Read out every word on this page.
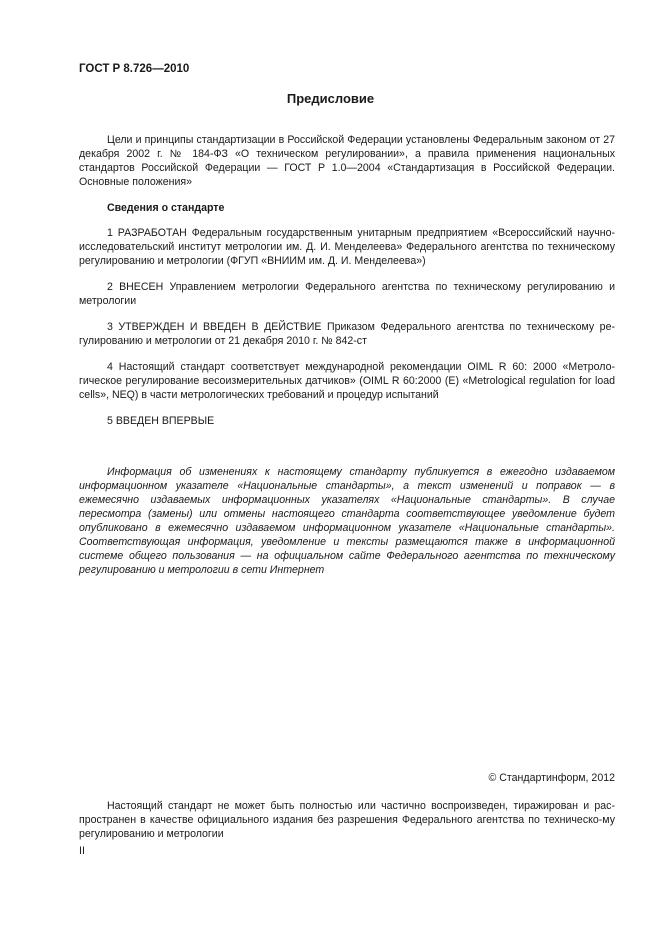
ГОСТ Р 8.726—2010
Предисловие
Цели и принципы стандартизации в Российской Федерации установлены Федеральным законом от 27 декабря 2002 г. № 184-ФЗ «О техническом регулировании», а правила применения национальных стандартов Российской Федерации — ГОСТ Р 1.0—2004 «Стандартизация в Российской Федерации. Основные положения»
Сведения о стандарте
1 РАЗРАБОТАН Федеральным государственным унитарным предприятием «Всероссийский научно-исследовательский институт метрологии им. Д. И. Менделеева» Федерального агентства по техническому регулированию и метрологии (ФГУП «ВНИИМ им. Д. И. Менделеева»)
2 ВНЕСЕН Управлением метрологии Федерального агентства по техническому регулированию и метрологии
3 УТВЕРЖДЕН И ВВЕДЕН В ДЕЙСТВИЕ Приказом Федерального агентства по техническому ре-гулированию и метрологии от 21 декабря 2010 г. № 842-ст
4 Настоящий стандарт соответствует международной рекомендации OIML R 60: 2000 «Метроло-гическое регулирование весоизмерительных датчиков» (OIML R 60:2000 (E) «Metrological regulation for load cells», NEQ) в части метрологических требований и процедур испытаний
5 ВВЕДЕН ВПЕРВЫЕ
Информация об изменениях к настоящему стандарту публикуется в ежегодно издаваемом информационном указателе «Национальные стандарты», а текст изменений и поправок — в ежемесячно издаваемых информационных указателях «Национальные стандарты». В случае пересмотра (замены) или отмены настоящего стандарта соответствующее уведомление будет опубликовано в ежемесячно издаваемом информационном указателе «Национальные стандарты». Соответствующая информация, уведомление и тексты размещаются также в информационной системе общего пользования — на официальном сайте Федерального агентства по техническому регулированию и метрологии в сети Интернет
© Стандартинформ, 2012
Настоящий стандарт не может быть полностью или частично воспроизведен, тиражирован и рас-пространен в качестве официального издания без разрешения Федерального агентства по техническо-му регулированию и метрологии
II
